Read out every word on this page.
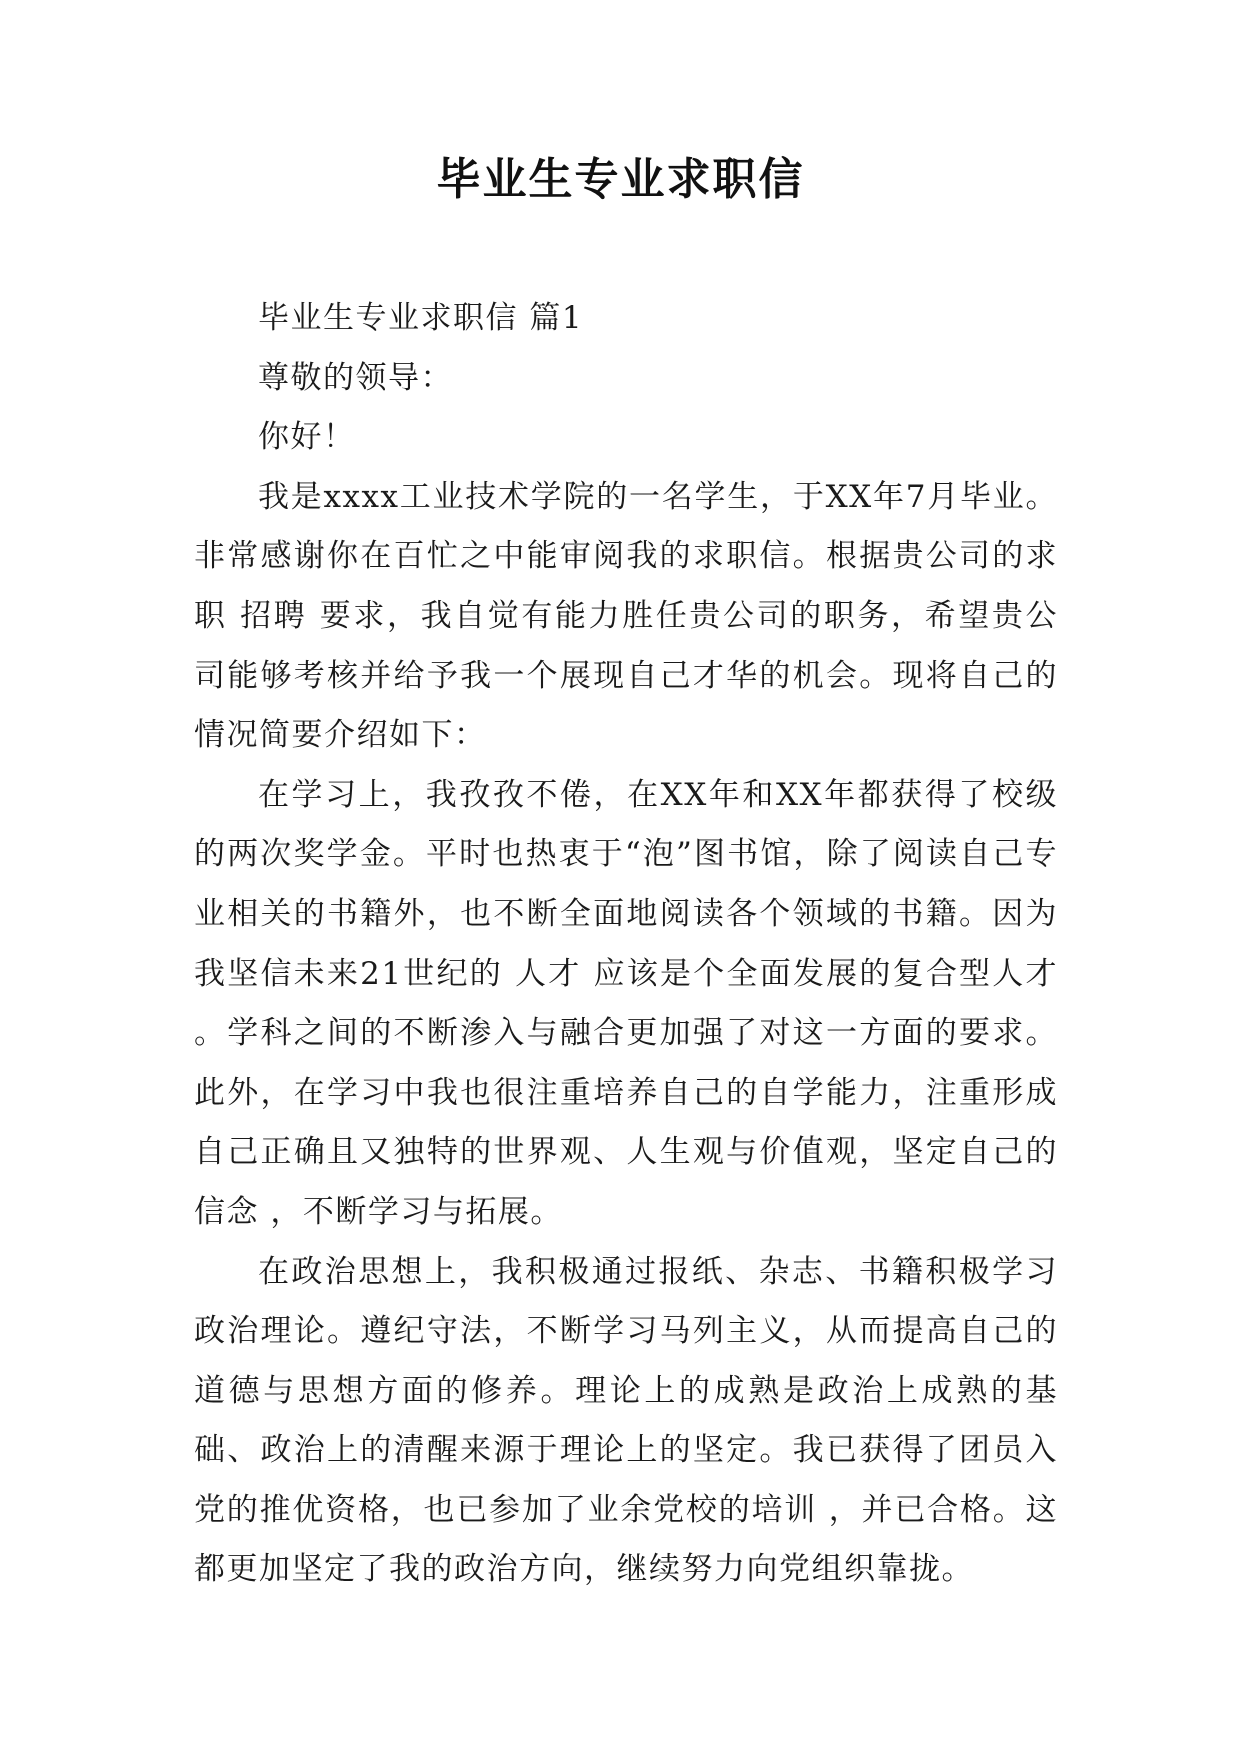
毕业生专业求职信

毕业生专业求职信 篇1

尊敬的领导：

你好！

我是xxxx工业技术学院的一名学生，于XX年7月毕业。非常感谢你在百忙之中能审阅我的求职信。根据贵公司的求职 招聘 要求，我自觉有能力胜任贵公司的职务，希望贵公司能够考核并给予我一个展现自己才华的机会。现将自己的情况简要介绍如下：

在学习上，我孜孜不倦，在XX年和XX年都获得了校级的两次奖学金。平时也热衷于“泡”图书馆，除了阅读自己专业相关的书籍外，也不断全面地阅读各个领域的书籍。因为我坚信未来21世纪的 人才 应该是个全面发展的复合型人才 。学科之间的不断渗入与融合更加强了对这一方面的要求。此外，在学习中我也很注重培养自己的自学能力，注重形成自己正确且又独特的世界观、人生观与价值观，坚定自己的信念 ，不断学习与拓展。

在政治思想上，我积极通过报纸、杂志、书籍积极学习政治理论。遵纪守法，不断学习马列主义，从而提高自己的道德与思想方面的修养。理论上的成熟是政治上成熟的基础、政治上的清醒来源于理论上的坚定。我已获得了团员入党的推优资格，也已参加了业余党校的培训 ，并已合格。这都更加坚定了我的政治方向，继续努力向党组织靠拢。
